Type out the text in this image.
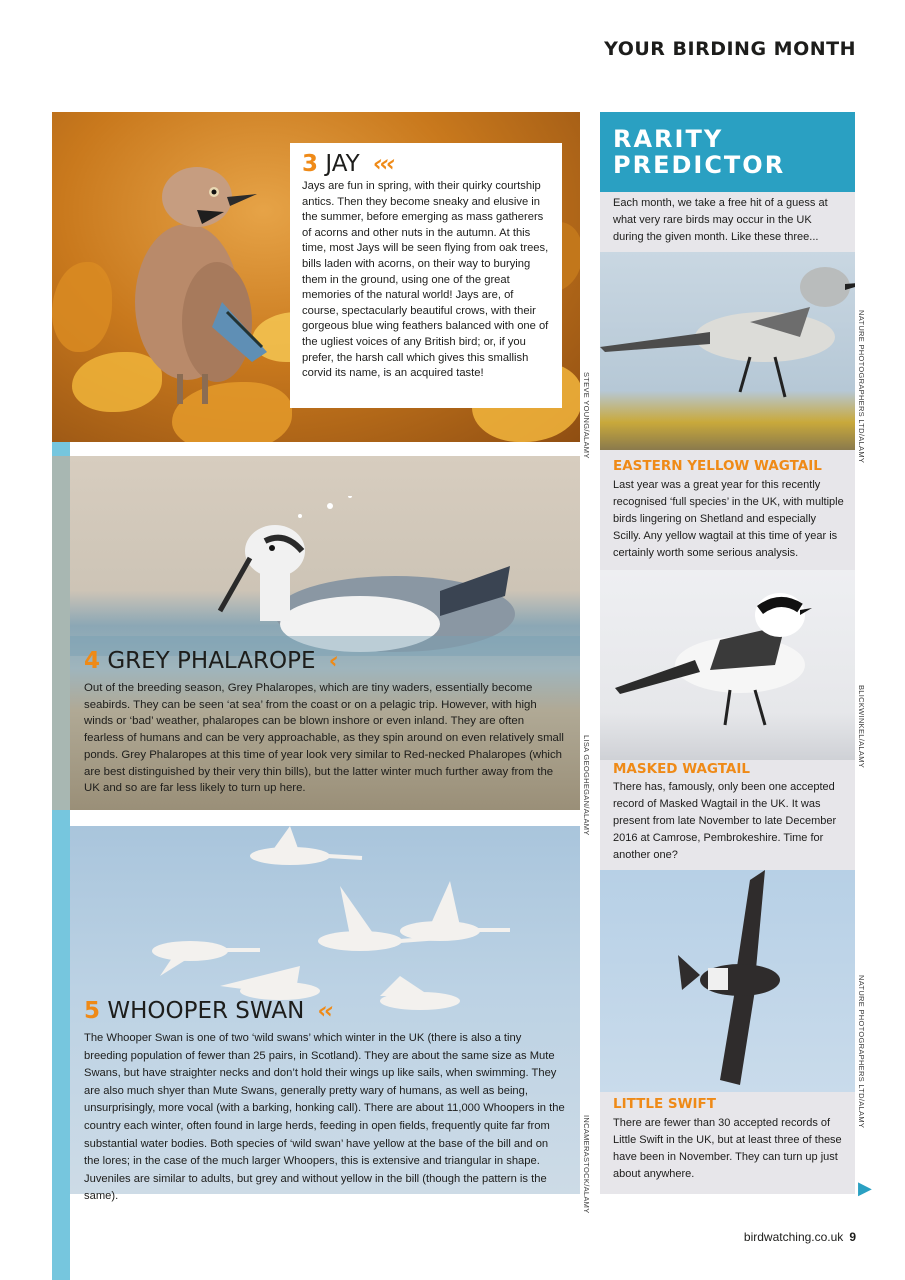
YOUR BIRDING MONTH
STEVE YOUNG/ALAMY
3 JAY ‹‹‹
Jays are fun in spring, with their quirky courtship antics. Then they become sneaky and elusive in the summer, before emerging as mass gatherers of acorns and other nuts in the autumn. At this time, most Jays will be seen flying from oak trees, bills laden with acorns, on their way to burying them in the ground, using one of the great memories of the natural world! Jays are, of course, spectacularly beautiful crows, with their gorgeous blue wing feathers balanced with one of the ugliest voices of any British bird; or, if you prefer, the harsh call which gives this smallish corvid its name, is an acquired taste!
LISA GEOGHEGAN/ALAMY
4 GREY PHALAROPE ‹
Out of the breeding season, Grey Phalaropes, which are tiny waders, essentially become seabirds. They can be seen ‘at sea’ from the coast or on a pelagic trip. However, with high winds or ‘bad’ weather, phalaropes can be blown inshore or even inland. They are often fearless of humans and can be very approachable, as they spin around on even relatively small ponds. Grey Phalaropes at this time of year look very similar to Red-necked Phalaropes (which are best distinguished by their very thin bills), but the latter winter much further away from the UK and so are far less likely to turn up here.
INCAMERASTOCK/ALAMY
5 WHOOPER SWAN ‹‹
The Whooper Swan is one of two ‘wild swans’ which winter in the UK (there is also a tiny breeding population of fewer than 25 pairs, in Scotland). They are about the same size as Mute Swans, but have straighter necks and don’t hold their wings up like sails, when swimming. They are also much shyer than Mute Swans, generally pretty wary of humans, as well as being, unsurprisingly, more vocal (with a barking, honking call). There are about 11,000 Whoopers in the country each winter, often found in large herds, feeding in open fields, frequently quite far from substantial water bodies. Both species of ‘wild swan’ have yellow at the base of the bill and on the lores; in the case of the much larger Whoopers, this is extensive and triangular in shape. Juveniles are similar to adults, but grey and without yellow in the bill (though the pattern is the same).
RARITY
PREDICTOR
Each month, we take a free hit of a guess at what very rare birds may occur in the UK during the given month. Like these three...
NATURE PHOTOGRAPHERS LTD/ALAMY
EASTERN YELLOW WAGTAIL
Last year was a great year for this recently recognised ‘full species’ in the UK, with multiple birds lingering on Shetland and especially Scilly. Any yellow wagtail at this time of year is certainly worth some serious analysis.
BLICKWINKEL/ALAMY
MASKED WAGTAIL
There has, famously, only been one accepted record of Masked Wagtail in the UK. It was present from late November to late December 2016 at Camrose, Pembrokeshire. Time for another one?
NATURE PHOTOGRAPHERS LTD/ALAMY
LITTLE SWIFT
There are fewer than 30 accepted records of Little Swift in the UK, but at least three of these have been in November. They can turn up just about anywhere.
▶
birdwatching.co.uk 9
